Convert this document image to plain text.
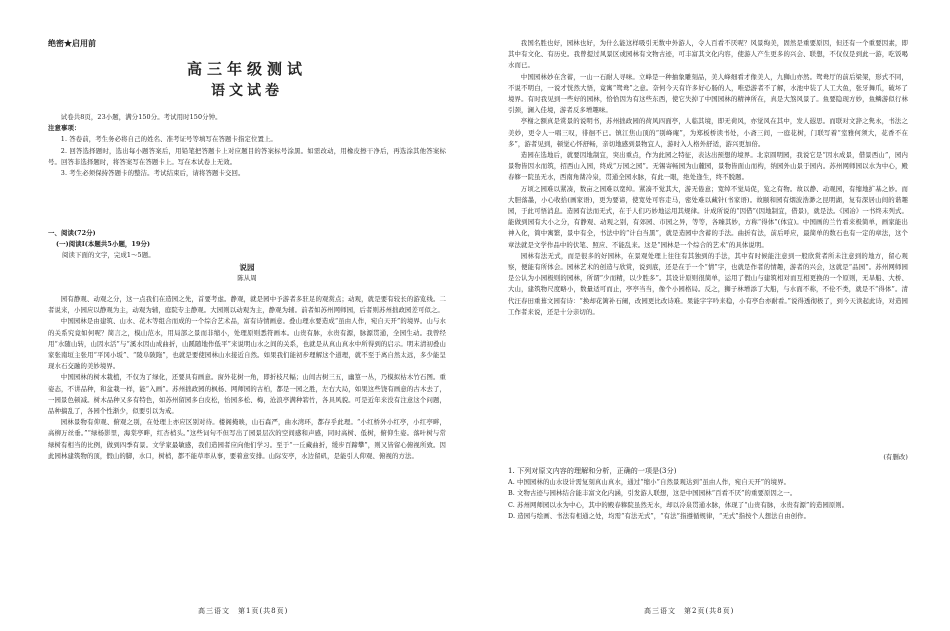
绝密★启用前
高三年级测试
语文试卷

试卷共8页，23小题，满分150分。考试用时150分钟。

注意事项：

1. 答卷前，考生务必将自己的姓名、准考证号等填写在答题卡指定位置上。

2. 回答选择题时，选出每小题答案后，用铅笔把答题卡上对应题目的答案标号涂黑。如需改动，用橡皮擦干净后，再选涂其他答案标号。回答非选择题时，将答案写在答题卡上。写在本试卷上无效。

3. 考生必须保持答题卡的整洁。考试结束后，请将答题卡交回。

一、阅读(72分)

(一)阅读Ⅰ(本题共5小题，19分)

阅读下面的文字，完成1～5题。

说园

陈从周

园有静观、动观之分，这一点我们在造园之先，首要考虑。静观，就是园中予游者多驻足的观赏点；动观，就是要有较长的游览线。二者说来，小园应以静观为主，动观为辅，庭院专主静观。大园则以动观为主，静观为辅。前者如苏州网师园，后者则苏州拙政园差可似之。

中国园林是由建筑、山水、花木等组合而成的一个综合艺术品，富有诗情画意。叠山理水要造成“虽由人作，宛自天开”的境界。山与水的关系究竟如何呢？简言之，模山范水，用局部之景而非缩小，处理原则悉符画本。山贵有脉，水贵有源，脉源贯通，全园生动。我曾经用“水随山转，山因水活”与“溪水因山成曲折，山蹊随地作低平”来说明山水之间的关系，也就是从真山真水中所得到的启示。明末清初叠山家张南垣主张用“平冈小坂”、“陵阜陂陁”，也就是要使园林山水接近自然。如果我们能初步理解这个道理，就不至于离自然太远，多少能呈现水石交融的美妙境界。

中国园林的树木栽植，不仅为了绿化，还要具有画意。窗外花树一角，即折枝尺幅；山间古树三五，幽篁一丛，乃模拟枯木竹石图。重姿态，不讲品种，和盆栽一样，能“入画”。苏州拙政园的枫杨、网师园的古柏，都是一园之胜，左右大局，如果这些饶有画意的古木去了，一园景色顿减。树木品种又多有特色，如苏州留园多白皮松，怡园多松、梅，沧浪亭满种箬竹，各具风貌。可是近年来没有注意这个问题，品种搞乱了，各园个性渐少，似要引以为戒。

园林景物有仰观、俯观之别，在处理上亦应区别对待。楼阁掩映，山石森严，曲水湾环，都存乎此理。“小红桥外小红亭，小红亭畔，高柳万丝垂。”“绿杨影里，海棠亭畔，红杏梢头。”这些词句不但写出了园景层次的空间感和声感，同时高树、低树，俯仰生姿。落叶树与常绿树有相当的比例，做到四季有景。文学家最敏感，我们造园者应向他们学习。至于“一丘藏曲折，缓步百蹄攀”，则又皆留心俯视所致。因此园林建筑物的顶，假山的脚，水口，树梢，都不能草率从事，要着意安排。山际安亭，水边留矶，是能引人仰观、俯视的方法。

高三语文　第1页(共8页)

我国名胜也好，园林也好，为什么能这样吸引无数中外游人，令人百看不厌呢？风景绚美，固然是重要原因，但还有一个重要因素，即其中有文化、有历史。我曾提过风景区或园林有文物古迹，可丰富其文化内容，使游人产生更多的兴会、联想，不仅仅是到此一游，吃饭喝水而已。

中国园林妙在含蓄，一山一石耐人寻味。立峰是一种抽象雕刻品，美人峰细看才像美人，九狮山亦然。鸳鸯厅的前后梁架，形式不同，不说不明白，一说才恍然大悟，竟寓“鸳鸯”之意。奈何今天有许多好心肠的人，唯恐游者不了解，水池中装了人工大鱼，张牙舞爪，破坏了境界。有时我见到一些好的园林，恰恰因为有这些东西，使它失掉了中国园林的精神所在，真是大煞风景了。鱼要隐现方妙，鱼鳞游似行林引颈，澜入佳境，游者反多增趣味。

亭榭之额真是赏景的说明书，苏州拙政园的荷风四面亭，人临其境，即无荷风，亦觉风在其中，发人遐思。而联对文辞之隽永，书法之美妙，更令人一唱三叹，徘徊不已。镇江焦山顶的“别峰庵”，为郑板桥读书处，小斋三间，一庭花树，门联写着“室雅何须大，花香不在多”，游者见到，顿觉心怀舒畅，亲切地感到景物宜人，游时入人格外舒适，游兴更加倍。

造园在选地后，就要因地制宜，突出重点，作为此园之特征，表达出预想的境界。北京圆明园，我说它是“因水成景，借景西山”，园内景物皆因水而筑，招西山入园，终成“万园之园”。无锡寄畅园为山麓园，景物皆面山而构，纳园外山景于园内。苏州网师园以水为中心，殿春簃一院虽无水，西南角凿冷泉，贯通全园水脉，有此一眼，绝处逢生，终不脱题。

万顷之园难以紧凑，数亩之园难以宽绰。紧凑不觉其大，游无倦意；宽绰不觉局促，览之有物。故以静、动观园，有缩地扩基之妙。而大胆落墨，小心收拾(画家语)，更为要谛，使宽处可容走马，密处难以藏针(书家语)。故颐和园有烟波浩渺之昆明湖，复有深居山间的谐趣园，于此可悟消息。造园有法而无式，在于人们巧妙地运用其规律。计成所说的“因借”(因地制宜，借景)，就是法。《园冶》一书终未列式。能做到园有大小之分，有静观、动观之别，有郊园、市园之异，等等，各臻其妙，方称“得体”(体宜)。中国画的兰竹看来极简单，画家能出神入化，简中寓繁，景中有全，书法中的“计白当黑”，就是造园中含蓄的手法。曲折有法，前后呼应，最简单的数石也有一定的章法，这个章法就是文学作品中的伏笔、照应、不能乱来。这是“园林是一个综合的艺术”的具体说明。

园林有法无式，而是很多的好园林，在景观处理上往往有其独到的手法，其中有时候能注意到一般欣赏者所未注意到的地方，留心观察，便能有所体会。园林艺术的创造与欣赏，说到底，还是在于一个“情”字，也就是作者的情趣，游者的兴会，这就是“品园”。苏州网师园是公认为小园极则的园林，所谓“少而精，以少胜多”。其设计原则很简单，运用了假山与建筑相对而互相更换的一个原则，无旱船、大桥、大山，建筑物尺度略小，数量适可而止，亭亭当当，像个小园格局。反之，狮子林增添了大船，与水面不称，不伦不类，就是不“得体”。清代汪春田重葺文园有诗：“换却花篱补石阑，改园更比改诗难。果能字字吟来稳，小有亭台亦耐看。”说得透彻极了，到今天读起此诗，对造园工作者来说，还是十分亲切的。

(有删改)

1. 下列对原文内容的理解和分析，正确的一项是(3分)

A. 中国园林的山水设计需复刻真山真水，通过“缩小”自然景观达到“虽由人作，宛自天开”的境界。

B. 文物古迹与园林结合能丰富文化内涵，引发游人联想，这是中国园林“百看不厌”的重要原因之一。

C. 苏州网师园以水为中心，其中的殿春簃院虽然无水，却以冷泉贯通水脉，体现了“山贵有脉，水贵有源”的造园原则。

D. 造园与绘画、书法有相通之处，均需“有法无式”，“有法”指遵循规律，“无式”指按个人想法自由创作。

高三语文　第2页(共8页)
